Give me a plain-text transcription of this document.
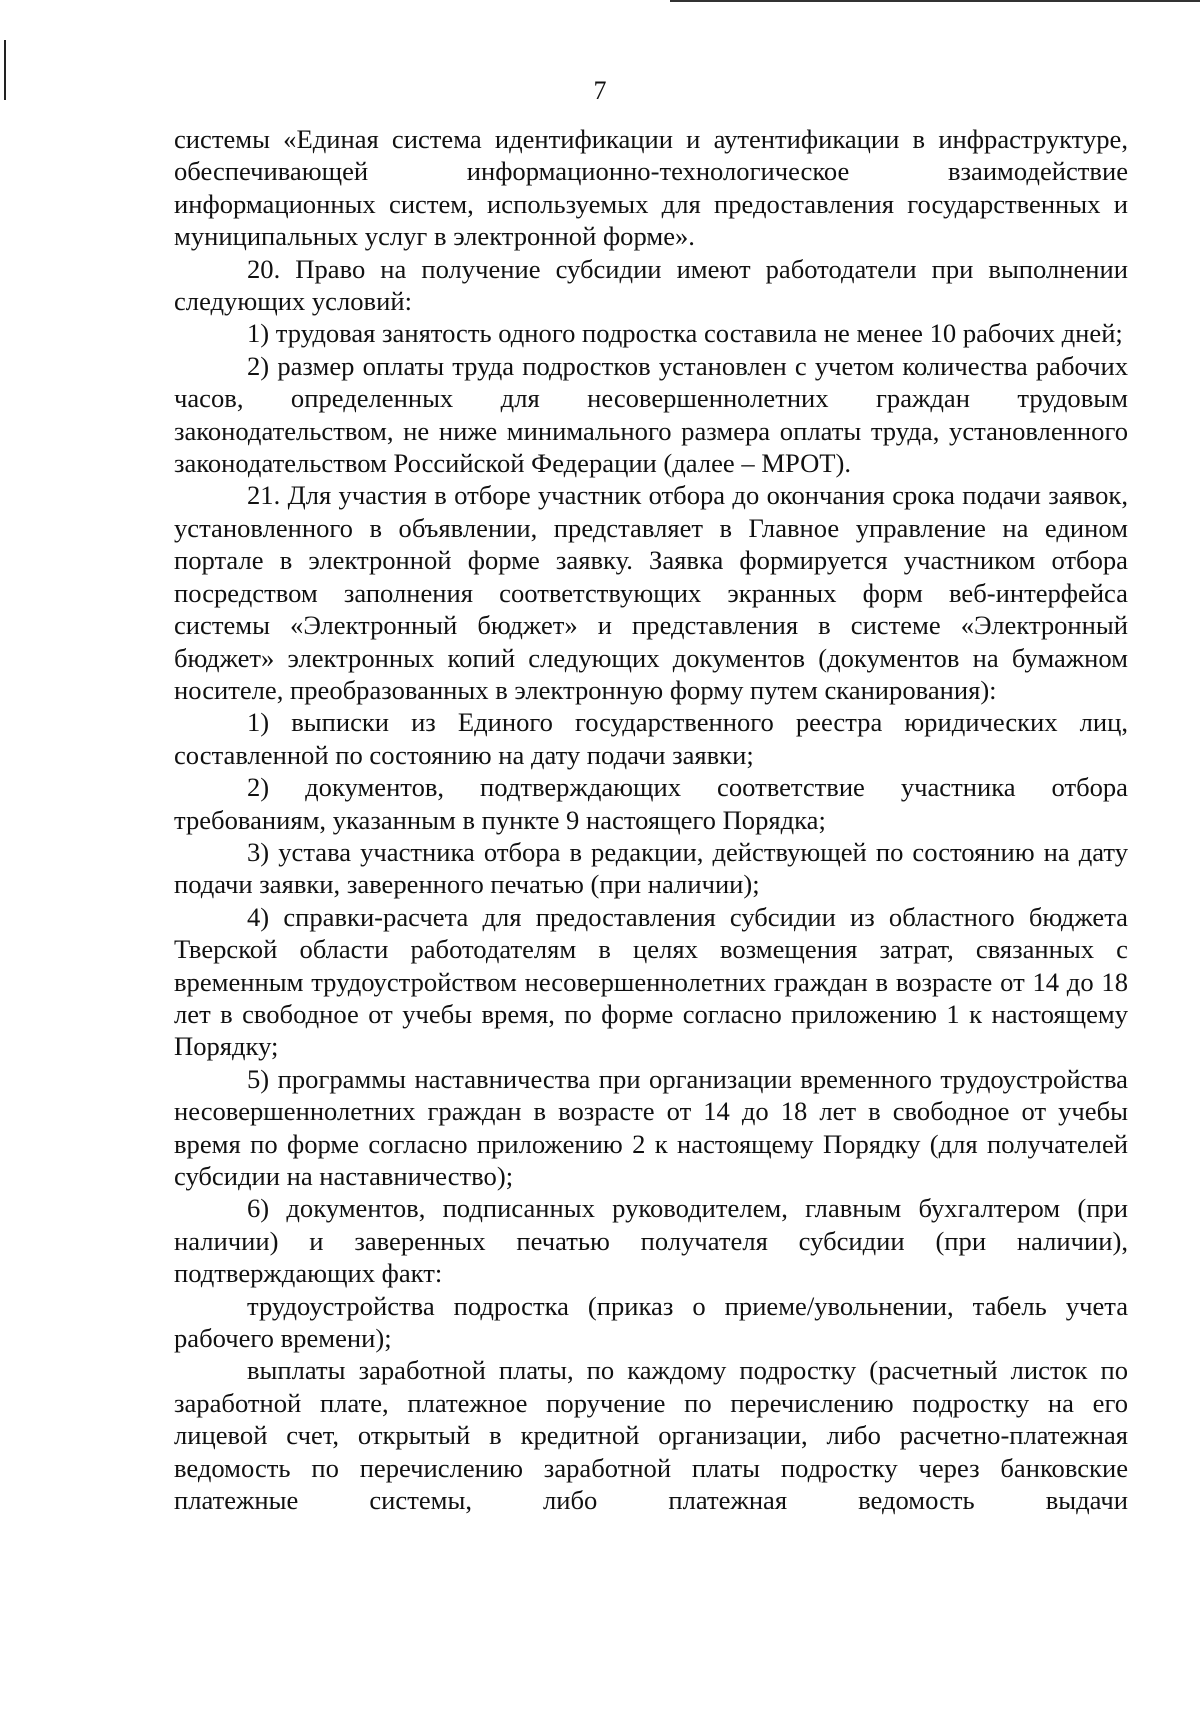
7

системы «Единая система идентификации и аутентификации в инфраструктуре, обеспечивающей информационно-технологическое взаимодействие информационных систем, используемых для предоставления государственных и муниципальных услуг в электронной форме».

20. Право на получение субсидии имеют работодатели при выполнении следующих условий:

1) трудовая занятость одного подростка составила не менее 10 рабочих дней;

2) размер оплаты труда подростков установлен с учетом количества рабочих часов, определенных для несовершеннолетних граждан трудовым законодательством, не ниже минимального размера оплаты труда, установленного законодательством Российской Федерации (далее – МРОТ).

21. Для участия в отборе участник отбора до окончания срока подачи заявок, установленного в объявлении, представляет в Главное управление на едином портале в электронной форме заявку. Заявка формируется участником отбора посредством заполнения соответствующих экранных форм веб-интерфейса системы «Электронный бюджет» и представления в системе «Электронный бюджет» электронных копий следующих документов (документов на бумажном носителе, преобразованных в электронную форму путем сканирования):

1) выписки из Единого государственного реестра юридических лиц, составленной по состоянию на дату подачи заявки;

2) документов, подтверждающих соответствие участника отбора требованиям, указанным в пункте 9 настоящего Порядка;

3) устава участника отбора в редакции, действующей по состоянию на дату подачи заявки, заверенного печатью (при наличии);

4) справки-расчета для предоставления субсидии из областного бюджета Тверской области работодателям в целях возмещения затрат, связанных с временным трудоустройством несовершеннолетних граждан в возрасте от 14 до 18 лет в свободное от учебы время, по форме согласно приложению 1 к настоящему Порядку;

5) программы наставничества при организации временного трудоустройства несовершеннолетних граждан в возрасте от 14 до 18 лет в свободное от учебы время по форме согласно приложению 2 к настоящему Порядку (для получателей субсидии на наставничество);

6) документов, подписанных руководителем, главным бухгалтером (при наличии) и заверенных печатью получателя субсидии (при наличии), подтверждающих факт:

трудоустройства подростка (приказ о приеме/увольнении, табель учета рабочего времени);

выплаты заработной платы, по каждому подростку (расчетный листок по заработной плате, платежное поручение по перечислению подростку на его лицевой счет, открытый в кредитной организации, либо расчетно-платежная ведомость по перечислению заработной платы подростку через банковские платежные системы, либо платежная ведомость выдачи
